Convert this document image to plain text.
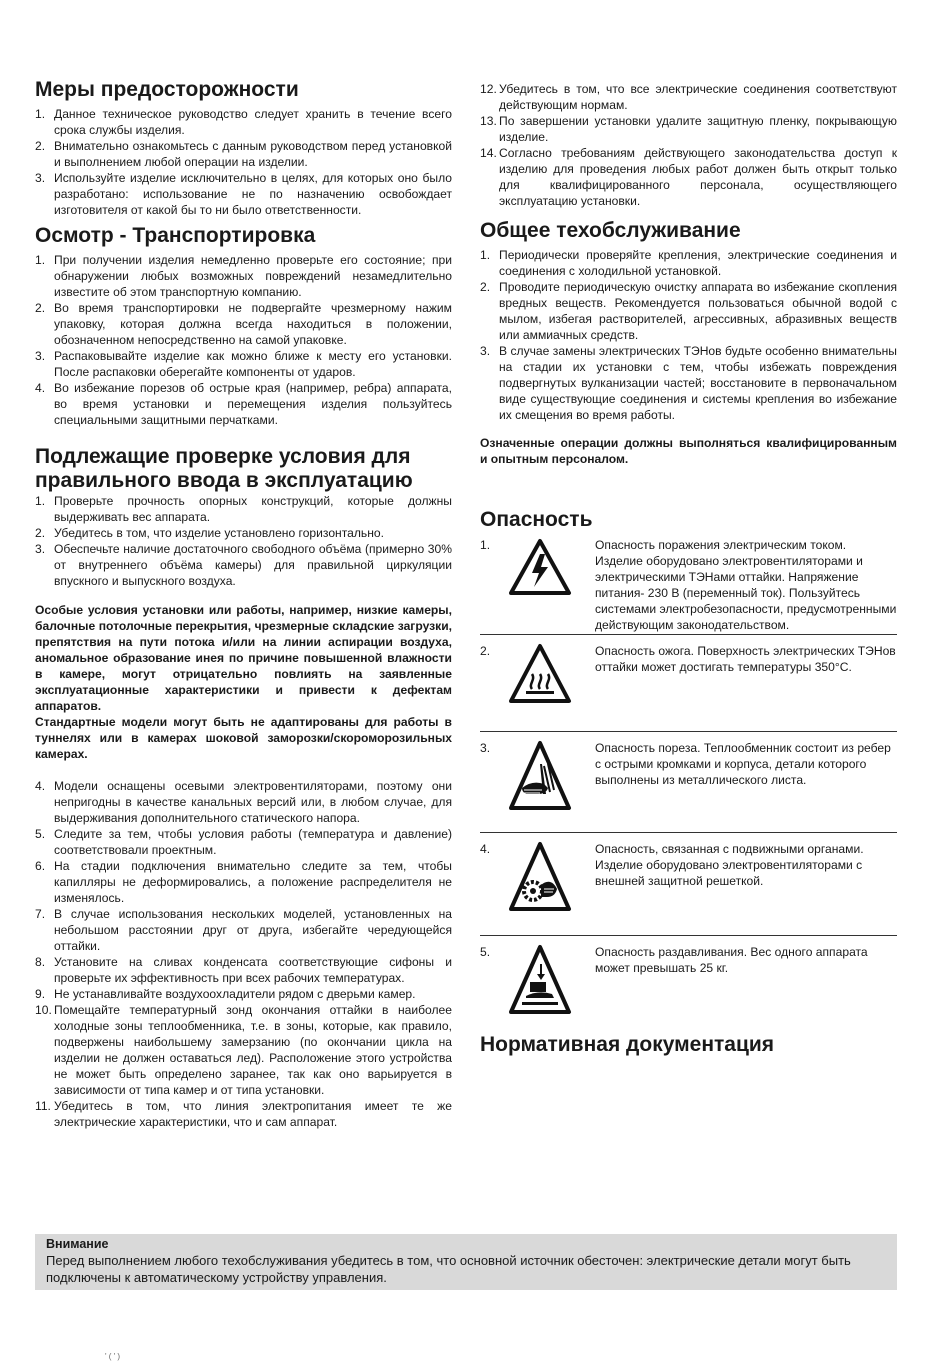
Меры предосторожности
1. Данное техническое руководство следует хранить в течение всего срока службы изделия.
2. Внимательно ознакомьтесь с данным руководством перед установкой и выполнением любой операции на изделии.
3. Используйте изделие исключительно в целях, для которых оно было разработано: использование не по назначению освобождает изготовителя от какой бы то ни было ответственности.
Осмотр - Транспортировка
1. При получении изделия немедленно проверьте его состояние; при обнаружении любых возможных повреждений незамедлительно известите об этом транспортную компанию.
2. Во время транспортировки не подвергайте чрезмерному нажим упаковку, которая должна всегда находиться в положении, обозначенном непосредственно на самой упаковке.
3. Распаковывайте изделие как можно ближе к месту его установки. После распаковки оберегайте компоненты от ударов.
4. Во избежание порезов об острые края (например, ребра) аппарата, во время установки и перемещения изделия пользуйтесь специальными защитными перчатками.
Подлежащие проверке условия для правильного ввода в эксплуатацию
1. Проверьте прочность опорных конструкций, которые должны выдерживать вес аппарата.
2. Убедитесь в том, что изделие установлено горизонтально.
3. Обеспечьте наличие достаточного свободного объёма (примерно 30% от внутреннего объёма камеры) для правильной циркуляции впускного и выпускного воздуха.
Особые условия установки или работы, например, низкие камеры, балочные потолочные перекрытия, чрезмерные складские загрузки, препятствия на пути потока и/или на линии аспирации воздуха, аномальное образование инея по причине повышенной влажности в камере, могут отрицательно повлиять на заявленные эксплуатационные характеристики и привести к дефектам аппаратов.
Стандартные модели могут быть не адаптированы для работы в туннелях или в камерах шоковой заморозки/скороморозильных камерах.
4. Модели оснащены осевыми электровентиляторами, поэтому они непригодны в качестве канальных версий или, в любом случае, для выдерживания дополнительного статического напора.
5. Следите за тем, чтобы условия работы (температура и давление) соответствовали проектным.
6. На стадии подключения внимательно следите за тем, чтобы капилляры не деформировались, а положение распределителя не изменялось.
7. В случае использования нескольких моделей, установленных на небольшом расстоянии друг от друга, избегайте чередующейся оттайки.
8. Установите на сливах конденсата соответствующие сифоны и проверьте их эффективность при всех рабочих температурах.
9. Не устанавливайте воздухоохладители рядом с дверьми камер.
10. Помещайте температурный зонд окончания оттайки в наиболее холодные зоны теплообменника, т.е. в зоны, которые, как правило, подвержены наибольшему замерзанию (по окончании цикла на изделии не должен оставаться лед). Расположение этого устройства не может быть определено заранее, так как оно варьируется в зависимости от типа камер и от типа установки.
11. Убедитесь в том, что линия электропитания имеет те же электрические характеристики, что и сам аппарат.
12. Убедитесь в том, что все электрические соединения соответствуют действующим нормам.
13. По завершении установки удалите защитную пленку, покрывающую изделие.
14. Согласно требованиям действующего законодательства доступ к изделию для проведения любых работ должен быть открыт только для квалифицированного персонала, осуществляющего эксплуатацию установки.
Общее техобслуживание
1. Периодически проверяйте крепления, электрические соединения и соединения с холодильной установкой.
2. Проводите периодическую очистку аппарата во избежание скопления вредных веществ. Рекомендуется пользоваться обычной водой с мылом, избегая растворителей, агрессивных, абразивных веществ или аммиачных средств.
3. В случае замены электрических ТЭНов будьте особенно внимательны на стадии их установки с тем, чтобы избежать повреждения подвергнутых вулканизации частей; восстановите в первоначальном виде существующие соединения и системы крепления во избежание их смещения во время работы.
Означенные операции должны выполняться квалифицированным и опытным персоналом.
Опасность
1.	Опасность поражения электрическим током. Изделие оборудовано электровентиляторами и электрическими ТЭНами оттайки. Напряжение питания- 230 В (переменный ток). Пользуйтесь системами электробезопасности, предусмотренными действующим законодательством.
2.	Опасность ожога. Поверхность электрических ТЭНов оттайки может достигать температуры 350°C.
3.	Опасность пореза. Теплообменник состоит из ребер с острыми кромками и корпуса, детали которого выполнены из металлического листа.
4.	Опасность, связанная с подвижными органами. Изделие оборудовано электровентиляторами с внешней защитной решеткой.
5.	Опасность раздавливания. Вес одного аппарата может превышать 25 кг.
Нормативная документация
Внимание
Перед выполнением любого техобслуживания убедитесь в том, что основной источник обесточен: электрические детали могут быть подключены к автоматическому устройству управления.
' ( ' )
